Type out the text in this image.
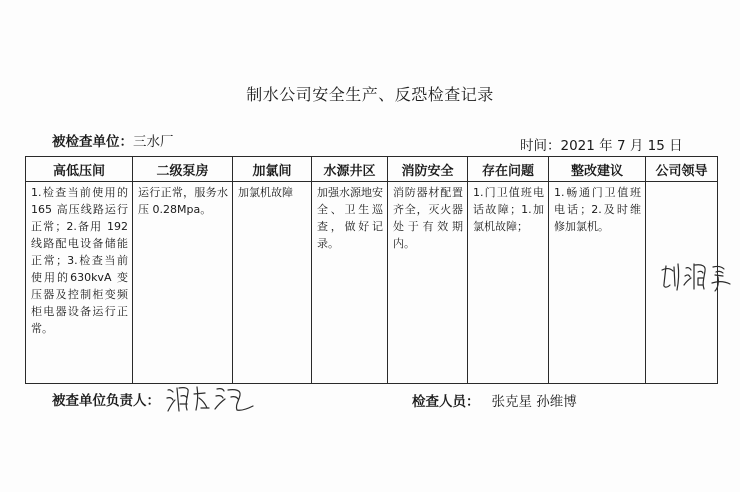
制水公司安全生产、反恐检查记录
被检查单位：三水厂	时间：2021 年 7 月 15 日
高低压间	二级泵房	加氯间	水源井区	消防安全	存在问题	整改建议	公司领导

1.检查当前使用的165 高压线路运行正常；2.备用 192 线路配电设备储能正常；3.检查当前使用的630kvA 变压器及控制柜变频柜电器设备运行正常。	运行正常，服务水压 0.28Mpa。	加氯机故障	加强水源地安全、卫生巡查，做好记录。	消防器材配置齐全，灭火器处于有效期内。	1.门卫值班电话故障；1.加氯机故障；	1.畅通门卫值班电话；2.及时维修加氯机。

被查单位负责人：	检查人员： 张克星 孙维博
